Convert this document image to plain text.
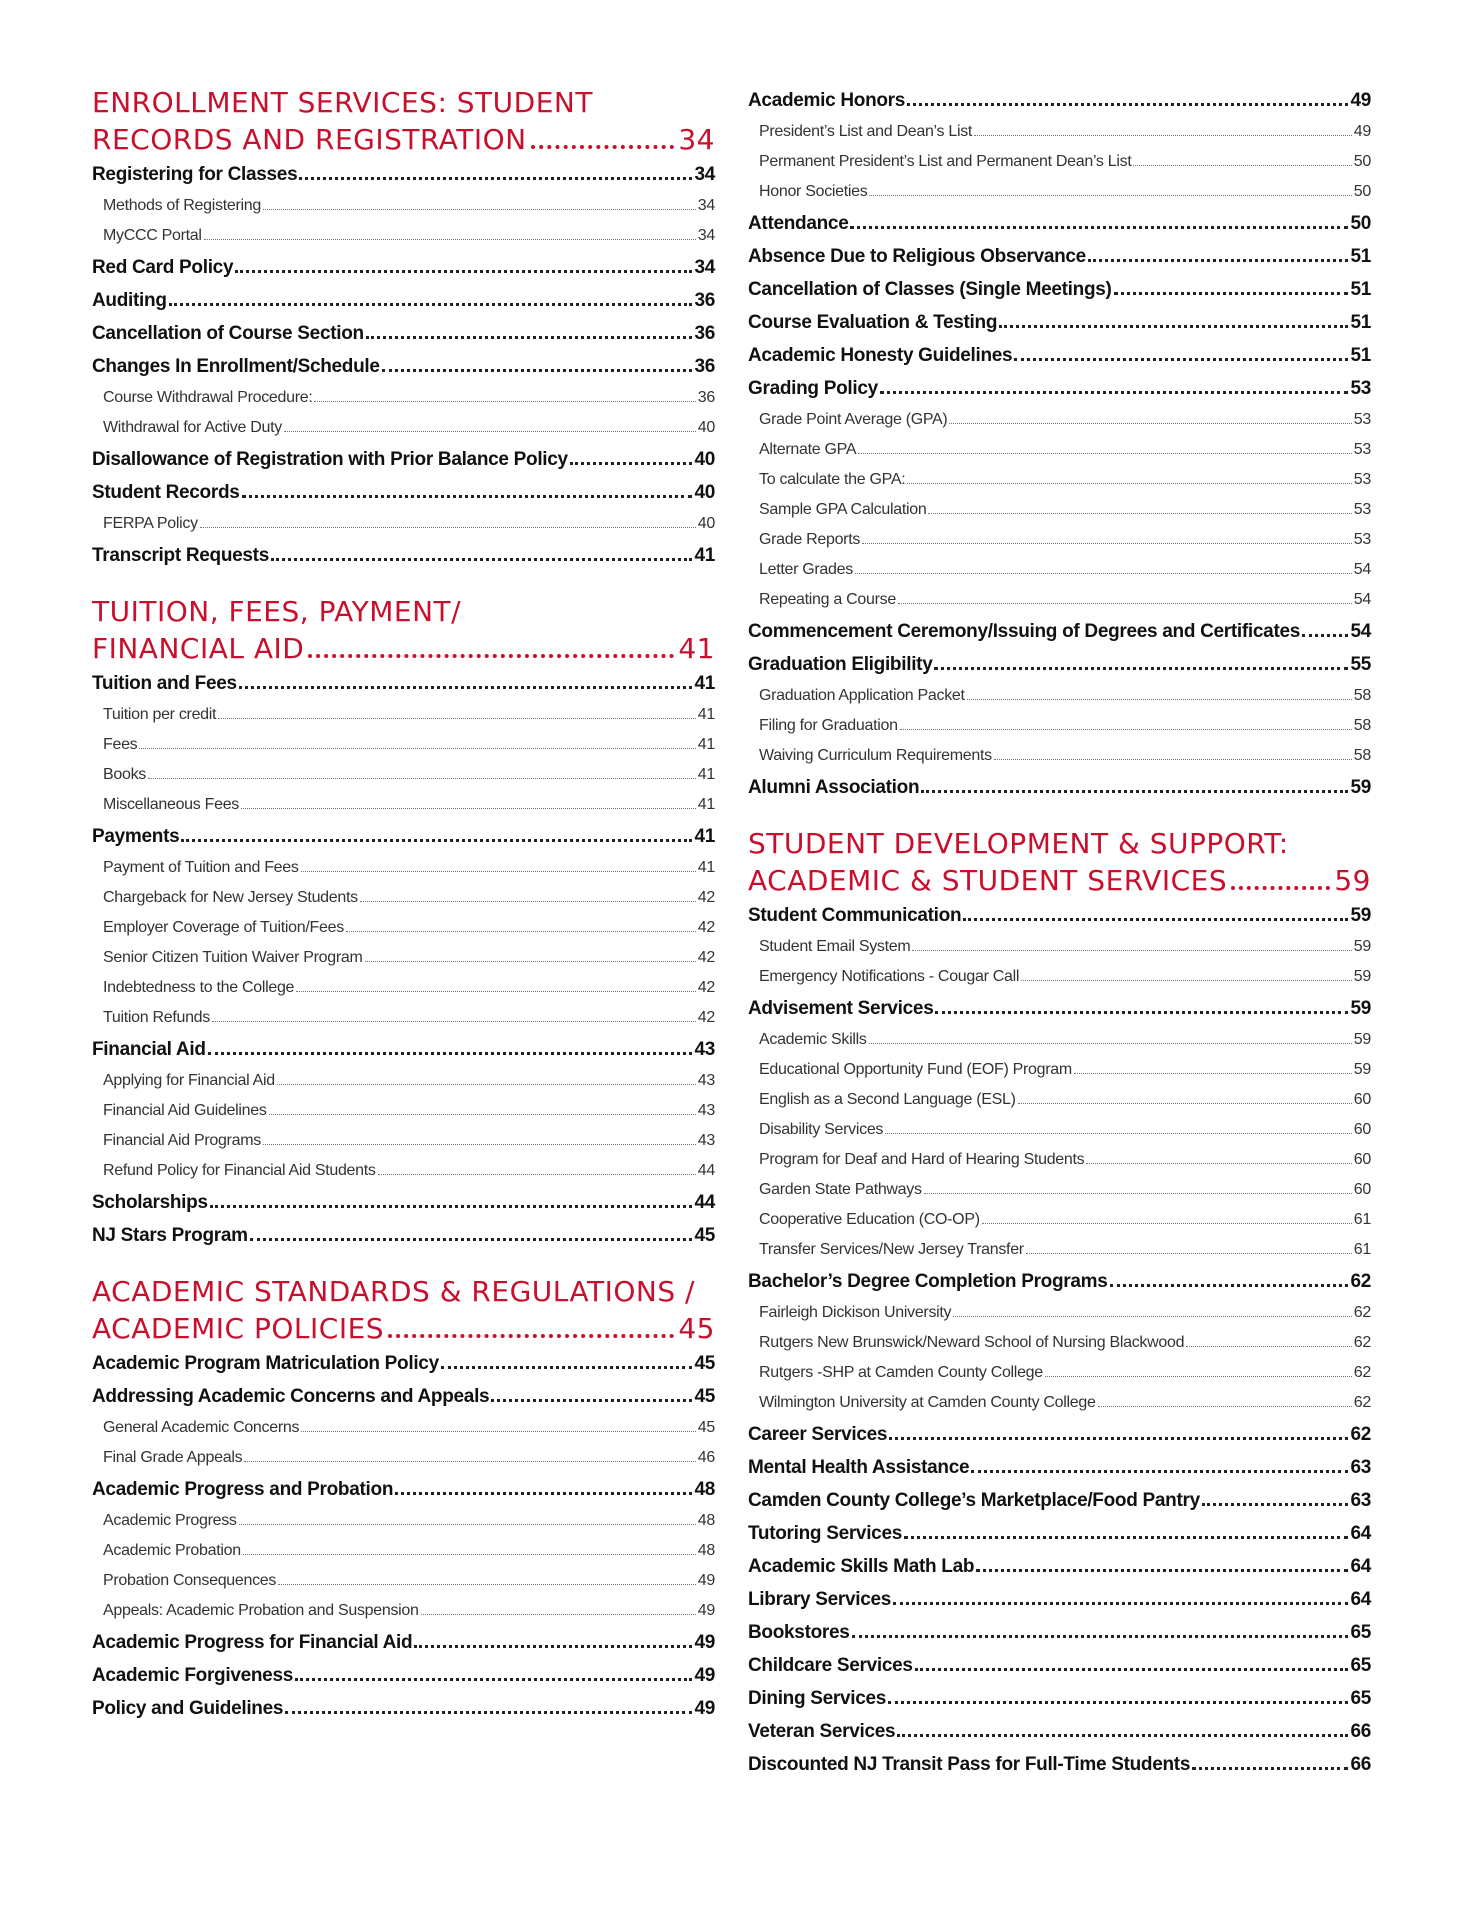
ENROLLMENT SERVICES: STUDENT
RECORDS AND REGISTRATION	34
Registering for Classes	34
Methods of Registering	34
MyCCC Portal	34
Red Card Policy	34
Auditing	36
Cancellation of Course Section	36
Changes In Enrollment/Schedule	36
Course Withdrawal Procedure:	36
Withdrawal for Active Duty	40
Disallowance of Registration with Prior Balance Policy	40
Student Records	40
FERPA Policy	40
Transcript Requests	41
TUITION, FEES, PAYMENT/
FINANCIAL AID	41
Tuition and Fees	41
Tuition per credit	41
Fees	41
Books	41
Miscellaneous Fees	41
Payments	41
Payment of Tuition and Fees	41
Chargeback for New Jersey Students	42
Employer Coverage of Tuition/Fees	42
Senior Citizen Tuition Waiver Program	42
Indebtedness to the College	42
Tuition Refunds	42
Financial Aid	43
Applying for Financial Aid	43
Financial Aid Guidelines	43
Financial Aid Programs	43
Refund Policy for Financial Aid Students	44
Scholarships	44
NJ Stars Program	45
ACADEMIC STANDARDS & REGULATIONS /
ACADEMIC POLICIES	45
Academic Program Matriculation Policy	45
Addressing Academic Concerns and Appeals	45
General Academic Concerns	45
Final Grade Appeals	46
Academic Progress and Probation	48
Academic Progress	48
Academic Probation	48
Probation Consequences	49
Appeals: Academic Probation and Suspension	49
Academic Progress for Financial Aid	49
Academic Forgiveness	49
Policy and Guidelines	49
Academic Honors	49
President’s List and Dean’s List	49
Permanent President’s List and Permanent Dean’s List	50
Honor Societies	50
Attendance	50
Absence Due to Religious Observance	51
Cancellation of Classes (Single Meetings)	51
Course Evaluation & Testing	51
Academic Honesty Guidelines	51
Grading Policy	53
Grade Point Average (GPA)	53
Alternate GPA	53
To calculate the GPA:	53
Sample GPA Calculation	53
Grade Reports	53
Letter Grades	54
Repeating a Course	54
Commencement Ceremony/Issuing of Degrees and Certificates	54
Graduation Eligibility	55
Graduation Application Packet	58
Filing for Graduation	58
Waiving Curriculum Requirements	58
Alumni Association	59
STUDENT DEVELOPMENT & SUPPORT:
ACADEMIC & STUDENT SERVICES	59
Student Communication	59
Student Email System	59
Emergency Notifications - Cougar Call	59
Advisement Services	59
Academic Skills	59
Educational Opportunity Fund (EOF) Program	59
English as a Second Language (ESL)	60
Disability Services	60
Program for Deaf and Hard of Hearing Students	60
Garden State Pathways	60
Cooperative Education (CO-OP)	61
Transfer Services/New Jersey Transfer	61
Bachelor’s Degree Completion Programs	62
Fairleigh Dickison University	62
Rutgers New Brunswick/Neward School of Nursing Blackwood	62
Rutgers -SHP at Camden County College	62
Wilmington University at Camden County College	62
Career Services	62
Mental Health Assistance	63
Camden County College’s Marketplace/Food Pantry	63
Tutoring Services	64
Academic Skills Math Lab	64
Library Services	64
Bookstores	65
Childcare Services	65
Dining Services	65
Veteran Services	66
Discounted NJ Transit Pass for Full-Time Students	66
